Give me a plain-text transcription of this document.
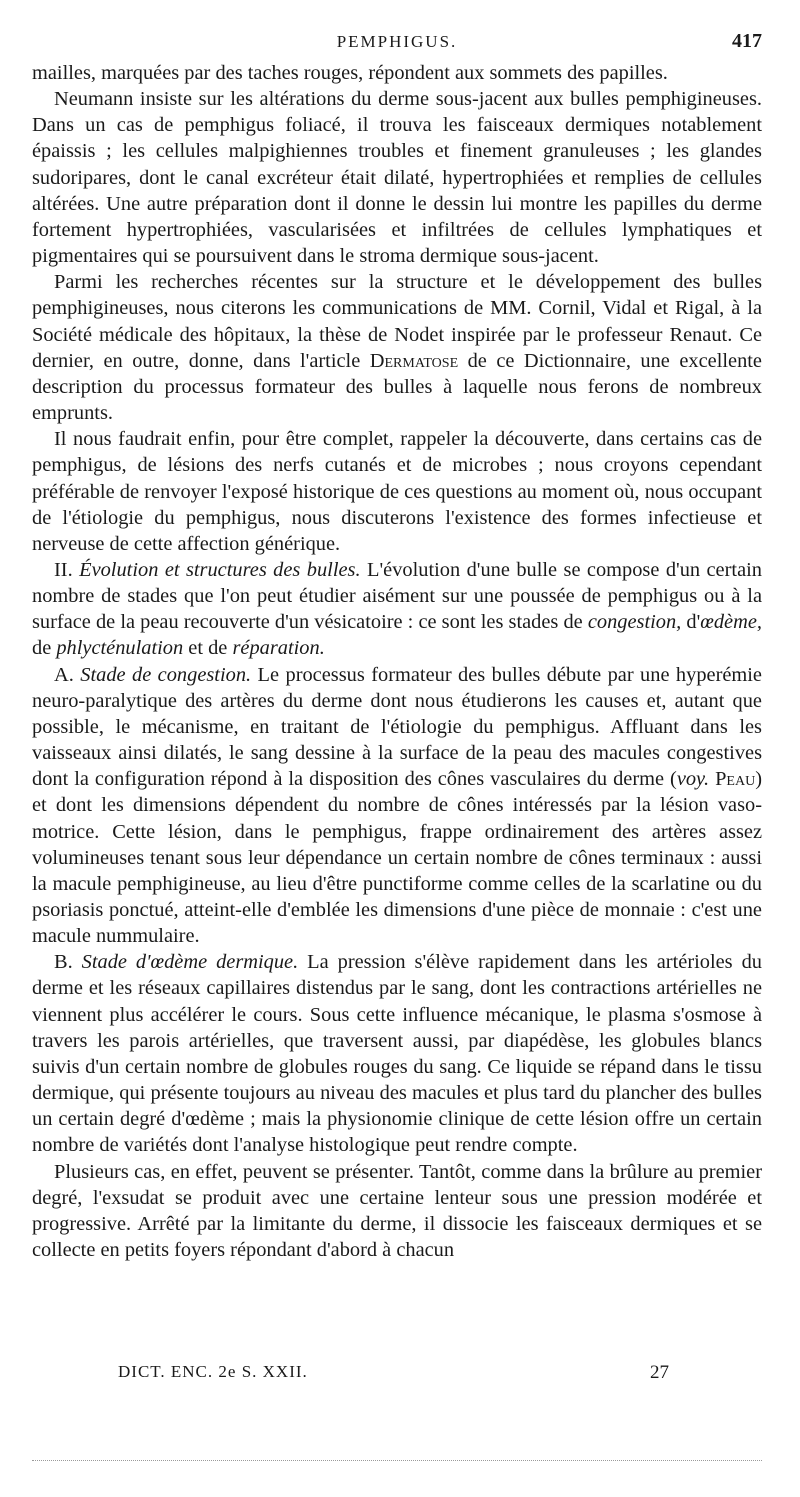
PEMPHIGUS.	417

mailles, marquées par des taches rouges, répondent aux sommets des papilles.

Neumann insiste sur les altérations du derme sous-jacent aux bulles pemphigineuses. Dans un cas de pemphigus foliacé, il trouva les faisceaux dermiques notablement épaissis ; les cellules malpighiennes troubles et finement granuleuses ; les glandes sudoripares, dont le canal excréteur était dilaté, hypertrophiées et remplies de cellules altérées. Une autre préparation dont il donne le dessin lui montre les papilles du derme fortement hypertrophiées, vascularisées et infiltrées de cellules lymphatiques et pigmentaires qui se poursuivent dans le stroma dermique sous-jacent.

Parmi les recherches récentes sur la structure et le développement des bulles pemphigineuses, nous citerons les communications de MM. Cornil, Vidal et Rigal, à la Société médicale des hôpitaux, la thèse de Nodet inspirée par le professeur Renaut. Ce dernier, en outre, donne, dans l'article Dermatose de ce Dictionnaire, une excellente description du processus formateur des bulles à laquelle nous ferons de nombreux emprunts.

Il nous faudrait enfin, pour être complet, rappeler la découverte, dans certains cas de pemphigus, de lésions des nerfs cutanés et de microbes ; nous croyons cependant préférable de renvoyer l'exposé historique de ces questions au moment où, nous occupant de l'étiologie du pemphigus, nous discuterons l'existence des formes infectieuse et nerveuse de cette affection générique.

II. Évolution et structures des bulles. L'évolution d'une bulle se compose d'un certain nombre de stades que l'on peut étudier aisément sur une poussée de pemphigus ou à la surface de la peau recouverte d'un vésicatoire : ce sont les stades de congestion, d'œdème, de phlycténulation et de réparation.

A. Stade de congestion. Le processus formateur des bulles débute par une hyperémie neuro-paralytique des artères du derme dont nous étudierons les causes et, autant que possible, le mécanisme, en traitant de l'étiologie du pemphigus. Affluant dans les vaisseaux ainsi dilatés, le sang dessine à la surface de la peau des macules congestives dont la configuration répond à la disposition des cônes vasculaires du derme (voy. Peau) et dont les dimensions dépendent du nombre de cônes intéressés par la lésion vaso-motrice. Cette lésion, dans le pemphigus, frappe ordinairement des artères assez volumineuses tenant sous leur dépendance un certain nombre de cônes terminaux : aussi la macule pemphigineuse, au lieu d'être punctiforme comme celles de la scarlatine ou du psoriasis ponctué, atteint-elle d'emblée les dimensions d'une pièce de monnaie : c'est une macule nummulaire.

B. Stade d'œdème dermique. La pression s'élève rapidement dans les artérioles du derme et les réseaux capillaires distendus par le sang, dont les contractions artérielles ne viennent plus accélérer le cours. Sous cette influence mécanique, le plasma s'osmose à travers les parois artérielles, que traversent aussi, par diapédèse, les globules blancs suivis d'un certain nombre de globules rouges du sang. Ce liquide se répand dans le tissu dermique, qui présente toujours au niveau des macules et plus tard du plancher des bulles un certain degré d'œdème ; mais la physionomie clinique de cette lésion offre un certain nombre de variétés dont l'analyse histologique peut rendre compte.

Plusieurs cas, en effet, peuvent se présenter. Tantôt, comme dans la brûlure au premier degré, l'exsudat se produit avec une certaine lenteur sous une pression modérée et progressive. Arrêté par la limitante du derme, il dissocie les faisceaux dermiques et se collecte en petits foyers répondant d'abord à chacun

DICT. ENC. 2e S. XXII.	27
